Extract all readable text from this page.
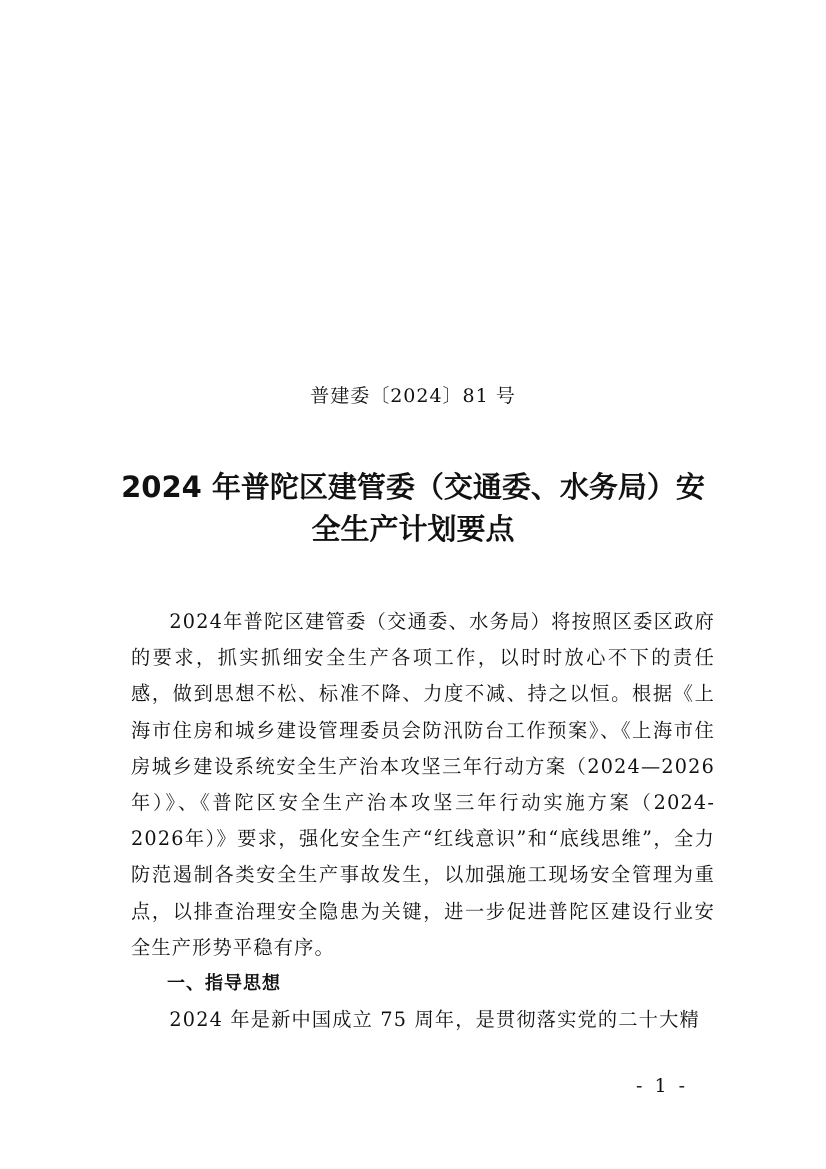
普建委〔2024〕81 号
2024 年普陀区建管委（交通委、水务局）安
全生产计划要点

2024年普陀区建管委（交通委、水务局）将按照区委区政府的要求，抓实抓细安全生产各项工作，以时时放心不下的责任感，做到思想不松、标准不降、力度不减、持之以恒。根据《上海市住房和城乡建设管理委员会防汛防台工作预案》、《上海市住房城乡建设系统安全生产治本攻坚三年行动方案（2024—2026年）》、《普陀区安全生产治本攻坚三年行动实施方案（2024-2026年）》要求，强化安全生产“红线意识”和“底线思维”，全力防范遏制各类安全生产事故发生，以加强施工现场安全管理为重点，以排查治理安全隐患为关键，进一步促进普陀区建设行业安全生产形势平稳有序。

一、指导思想

2024 年是新中国成立 75 周年，是贯彻落实党的二十大精

- 1 -
